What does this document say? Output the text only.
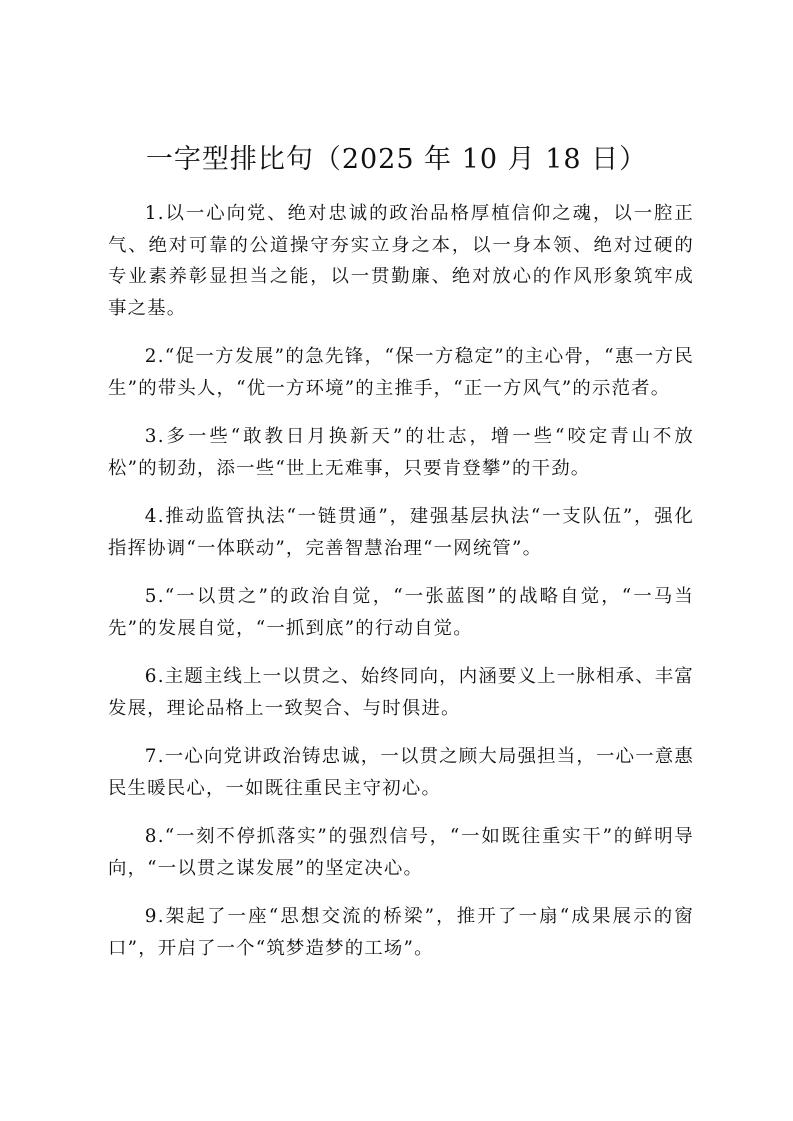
一字型排比句（2025 年 10 月 18 日）

1.以一心向党、绝对忠诚的政治品格厚植信仰之魂，以一腔正气、绝对可靠的公道操守夯实立身之本，以一身本领、绝对过硬的专业素养彰显担当之能，以一贯勤廉、绝对放心的作风形象筑牢成事之基。

2.“促一方发展”的急先锋，“保一方稳定”的主心骨，“惠一方民生”的带头人，“优一方环境”的主推手，“正一方风气”的示范者。

3.多一些“敢教日月换新天”的壮志，增一些“咬定青山不放松”的韧劲，添一些“世上无难事，只要肯登攀”的干劲。

4.推动监管执法“一链贯通”，建强基层执法“一支队伍”，强化指挥协调“一体联动”，完善智慧治理“一网统管”。

5.“一以贯之”的政治自觉，“一张蓝图”的战略自觉，“一马当先”的发展自觉，“一抓到底”的行动自觉。

6.主题主线上一以贯之、始终同向，内涵要义上一脉相承、丰富发展，理论品格上一致契合、与时俱进。

7.一心向党讲政治铸忠诚，一以贯之顾大局强担当，一心一意惠民生暖民心，一如既往重民主守初心。

8.“一刻不停抓落实”的强烈信号，“一如既往重实干”的鲜明导向，“一以贯之谋发展”的坚定决心。

9.架起了一座“思想交流的桥梁”，推开了一扇“成果展示的窗口”，开启了一个“筑梦造梦的工场”。
